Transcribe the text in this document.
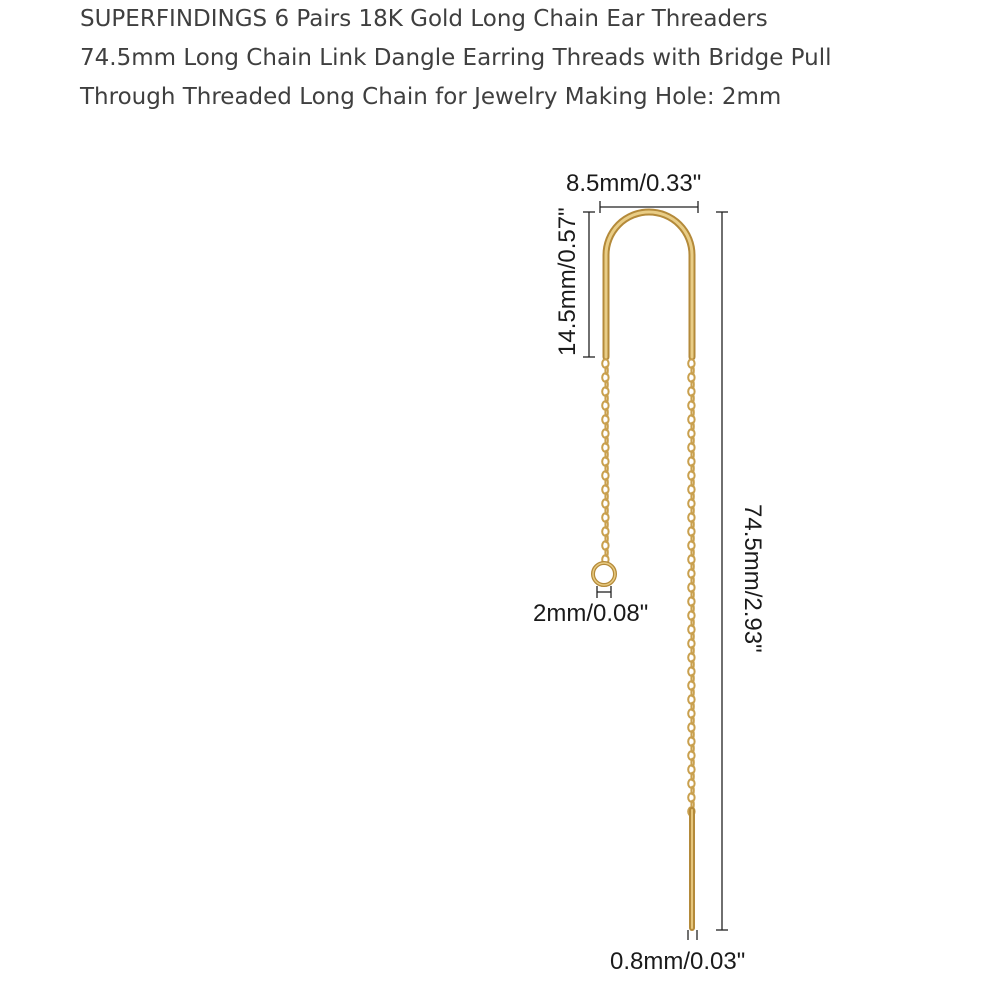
SUPERFINDINGS 6 Pairs 18K Gold Long Chain Ear Threaders
74.5mm Long Chain Link Dangle Earring Threads with Bridge Pull
Through Threaded Long Chain for Jewelry Making Hole: 2mm
8.5mm/0.33"
14.5mm/0.57"
74.5mm/2.93"
2mm/0.08"
0.8mm/0.03"
